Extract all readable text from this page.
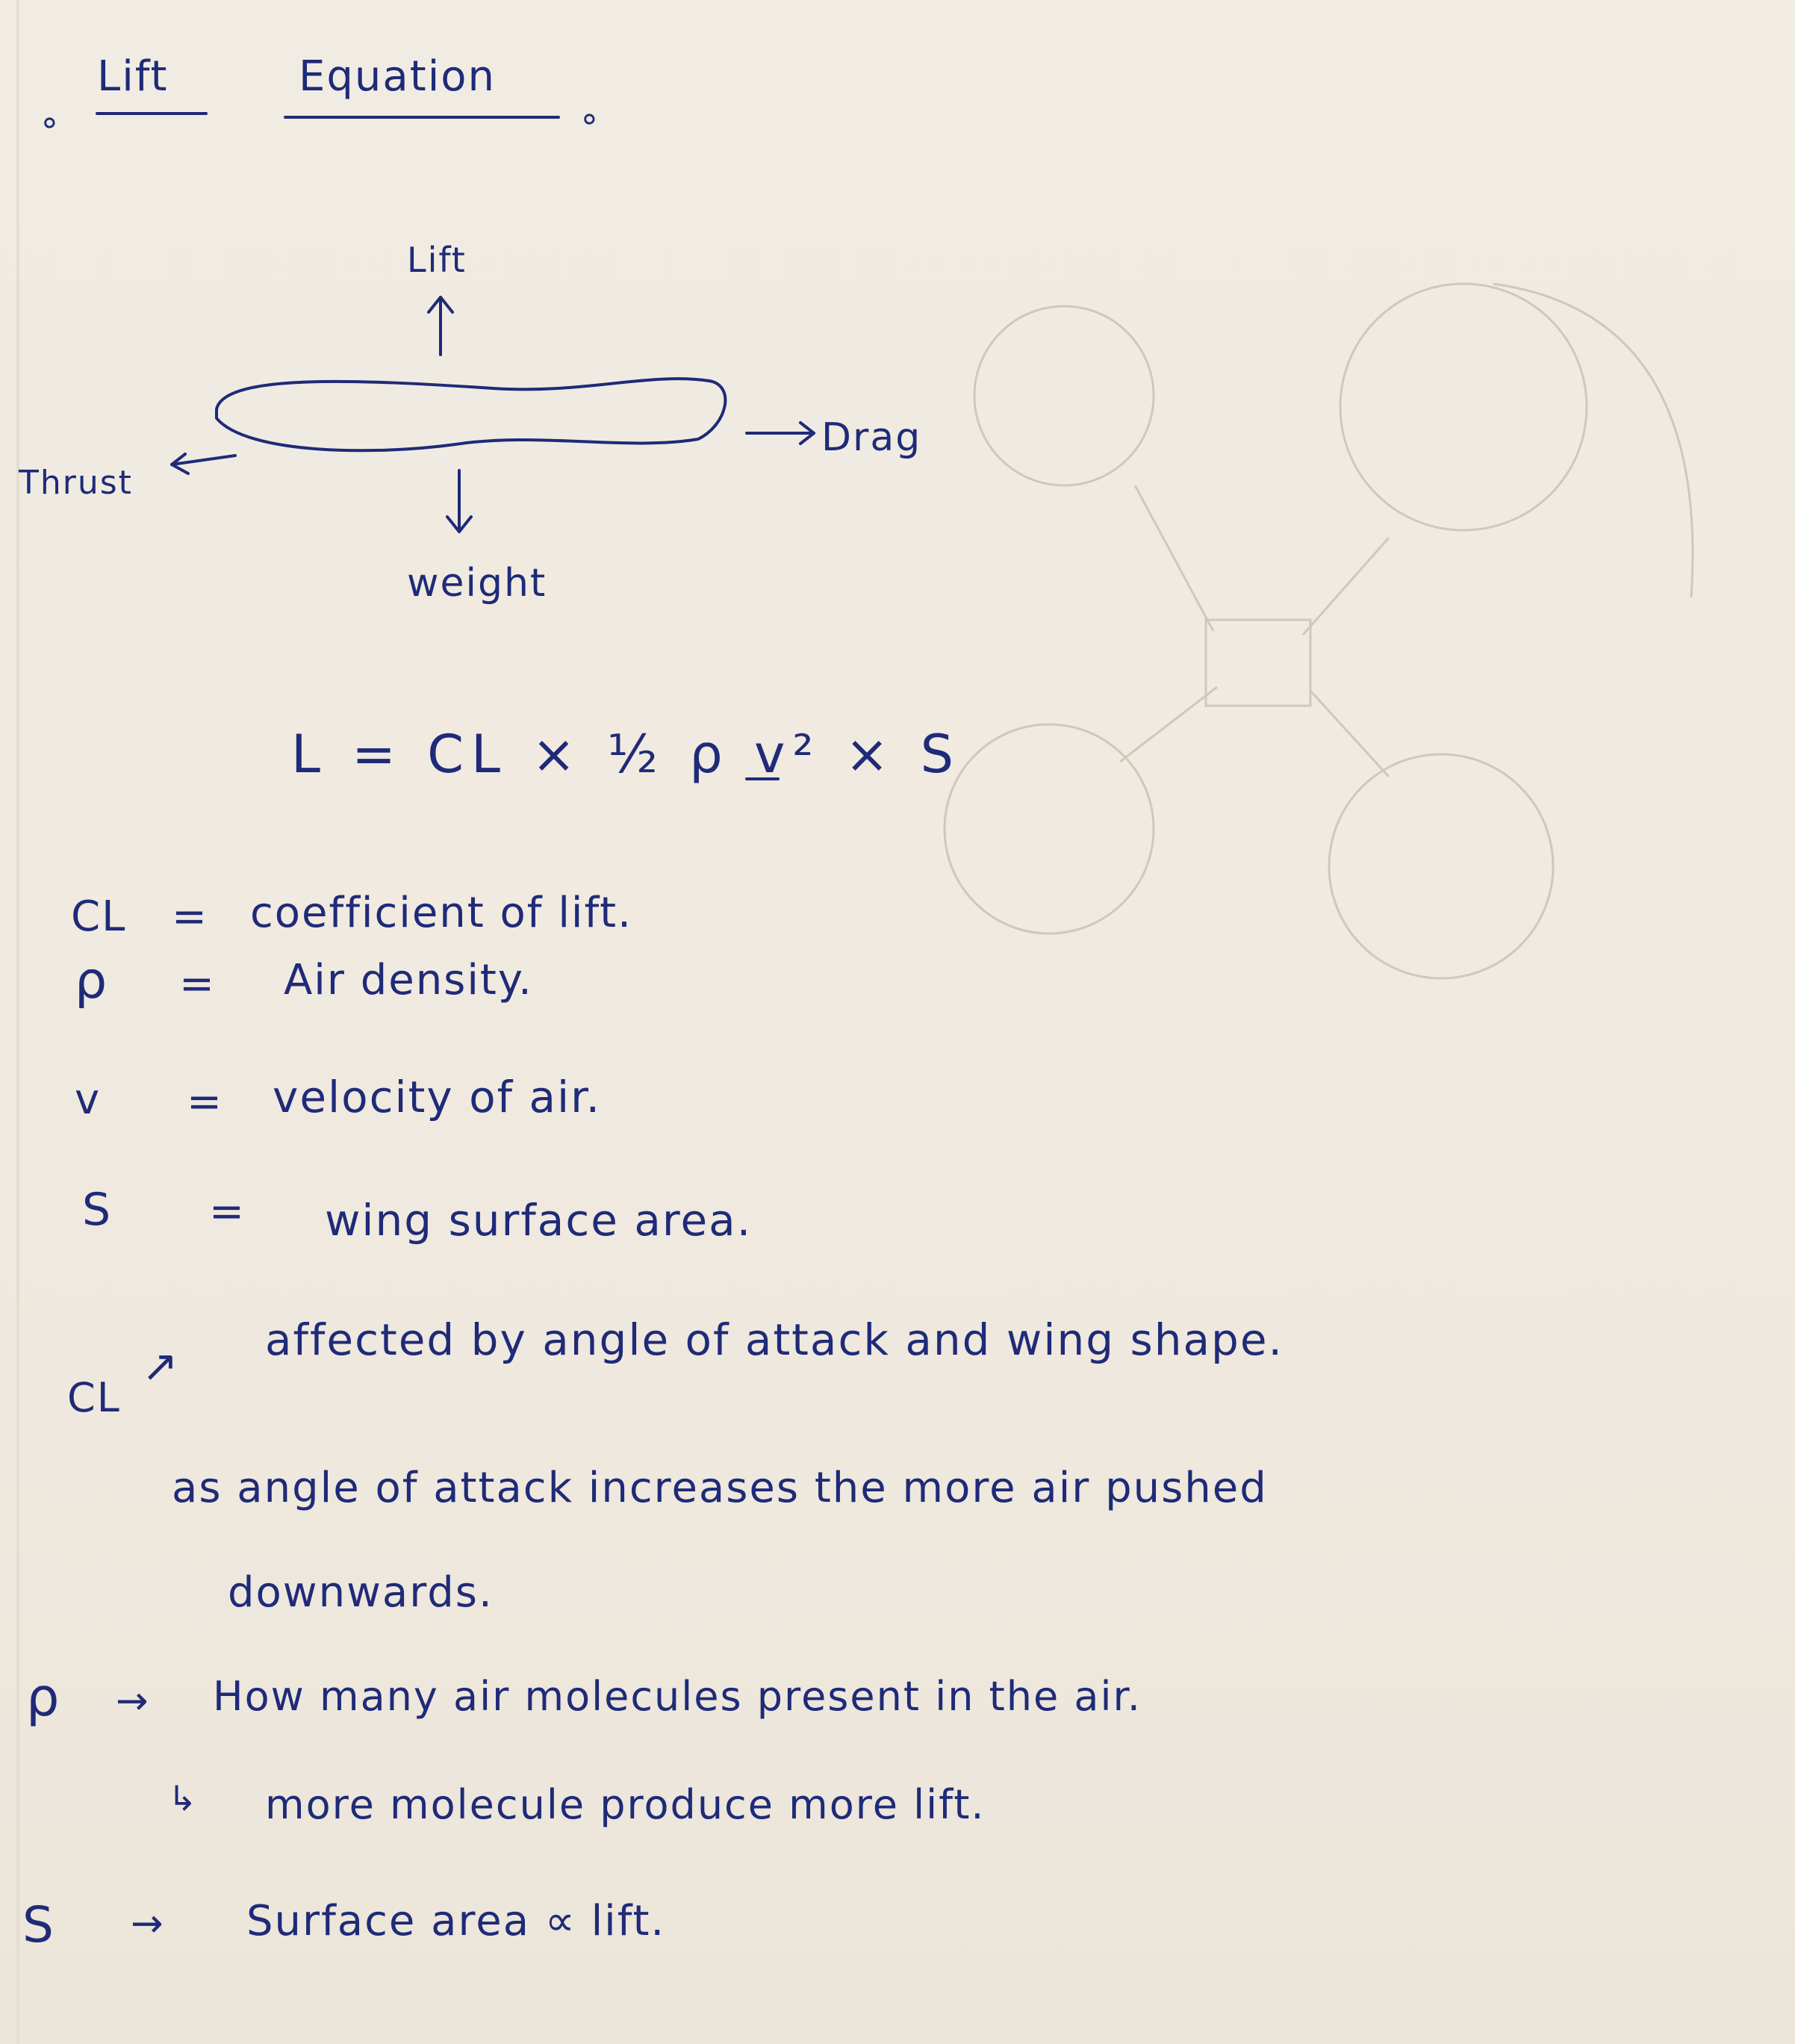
∘
Lift	Equation
∘
Lift
Thrust
Drag
weight
L = CL × ½ ρ v² × S
CL = coefficient of lift.
ρ = Air density.
v = velocity of air.
S = wing surface area.
CL
↗
affected by angle of attack and wing shape.
as angle of attack increases the more air pushed
downwards.
ρ → How many air molecules present in the air.
↳ more molecule produce more lift.
S → Surface area ∝ lift.
